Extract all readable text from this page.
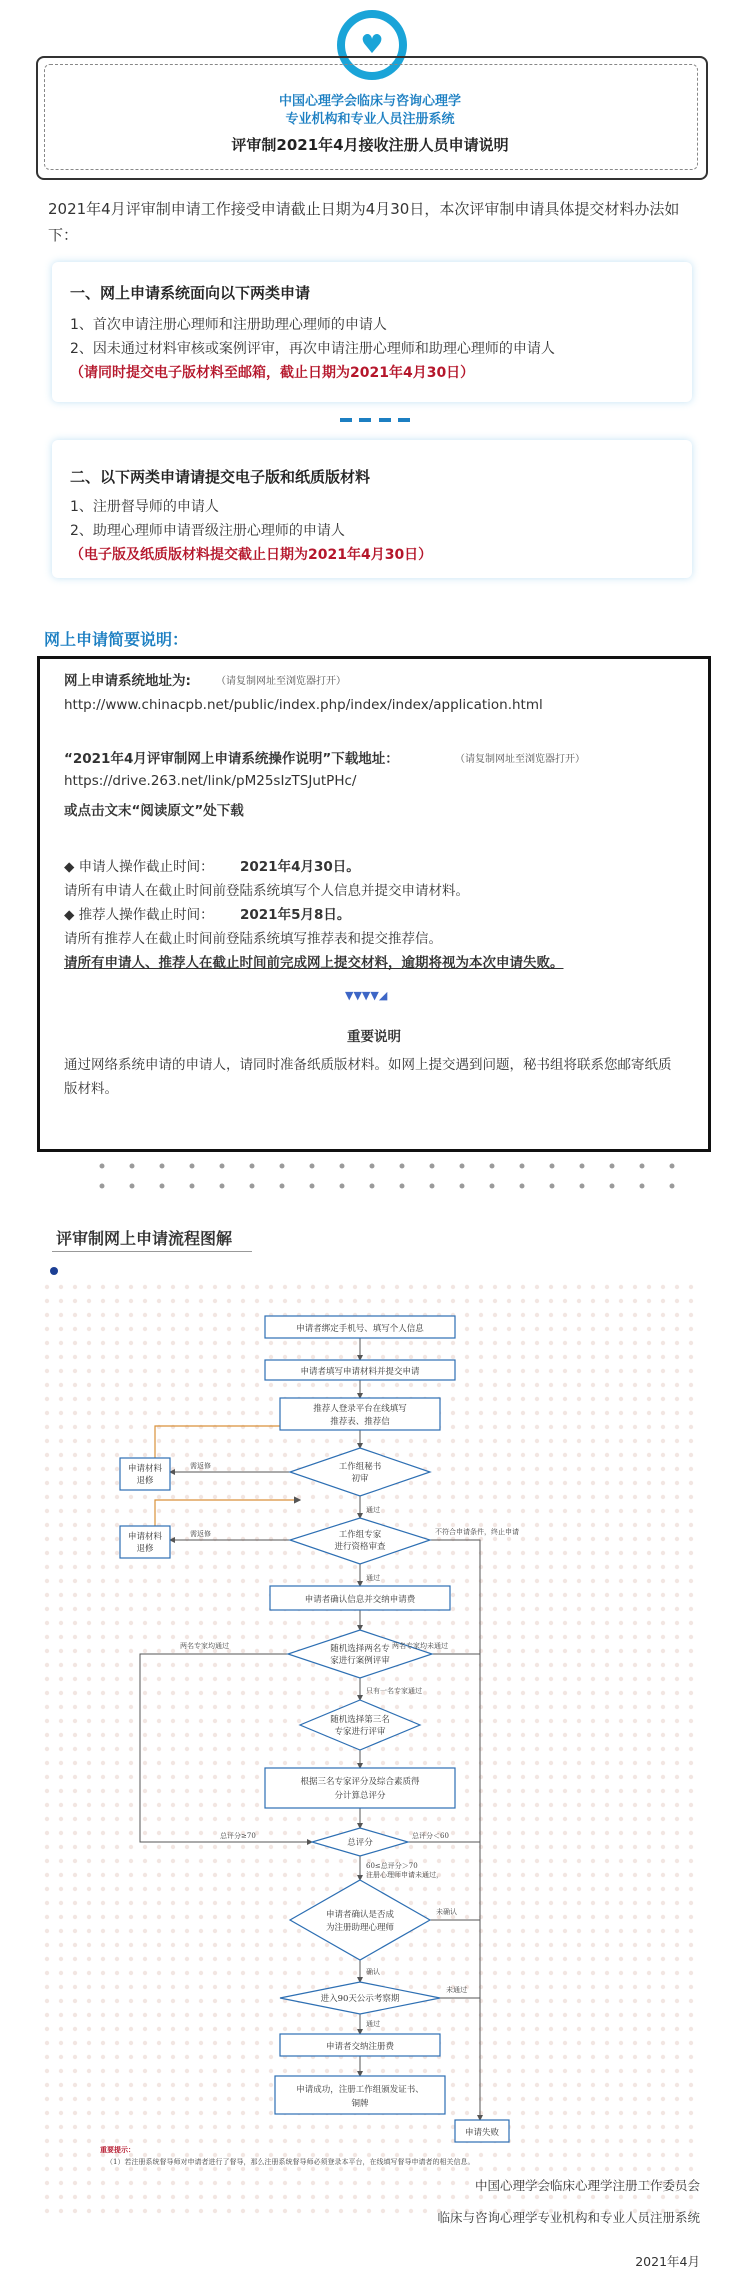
♥
中国心理学会临床与咨询心理学
专业机构和专业人员注册系统
评审制2021年4月接收注册人员申请说明
2021年4月评审制申请工作接受申请截止日期为4月30日，本次评审制申请具体提交材料办法如下：
一、网上申请系统面向以下两类申请
1、首次申请注册心理师和注册助理心理师的申请人
2、因未通过材料审核或案例评审，再次申请注册心理师和助理心理师的申请人
（请同时提交电子版材料至邮箱，截止日期为2021年4月30日）
二、以下两类申请请提交电子版和纸质版材料
1、注册督导师的申请人
2、助理心理师申请晋级注册心理师的申请人
（电子版及纸质版材料提交截止日期为2021年4月30日）
网上申请简要说明：
网上申请系统地址为:	（请复制网址至浏览器打开）
http://www.chinacpb.net/public/index.php/index/index/application.html
“2021年4月评审制网上申请系统操作说明”下载地址：	（请复制网址至浏览器打开）
https://drive.263.net/link/pM25sIzTSJutPHc/
或点击文末“阅读原文”处下载
◆ 申请人操作截止时间： 2021年4月30日。
请所有申请人在截止时间前登陆系统填写个人信息并提交申请材料。
◆ 推荐人操作截止时间： 2021年5月8日。
请所有推荐人在截止时间前登陆系统填写推荐表和提交推荐信。
请所有申请人、推荐人在截止时间前完成网上提交材料，逾期将视为本次申请失败。
▼▼▼▼◢
重要说明
通过网络系统申请的申请人，请同时准备纸质版材料。如网上提交遇到问题，秘书组将联系您邮寄纸质版材料。
评审制网上申请流程图解
申请者绑定手机号、填写个人信息
申请者填写申请材料并提交申请
推荐人登录平台在线填写
推荐表、推荐信
工作组秘书
初审
申请材料
退修
需返修
通过
工作组专家
进行资格审查
申请材料
退修
需返修	不符合申请条件，终止申请
通过
申请者确认信息并交纳申请费
随机选择两名专
家进行案例评审
两名专家均通过	两名专家均未通过
只有一名专家通过
随机选择第三名
专家进行评审
根据三名专家评分及综合素质得
分计算总评分
总评分
总评分≥70	总评分＜60
60≤总评分＞70
注册心理师申请未通过，
申请者确认是否成
为注册助理心理师
未确认
确认
进入90天公示考察期
未通过
通过
申请者交纳注册费
申请成功，注册工作组颁发证书、
铜牌
申请失败
重要提示：
（1）若注册系统督导师对申请者进行了督导，那么注册系统督导师必须登录本平台，在线填写督导申请者的相关信息。
中国心理学会临床心理学注册工作委员会
临床与咨询心理学专业机构和专业人员注册系统
2021年4月
